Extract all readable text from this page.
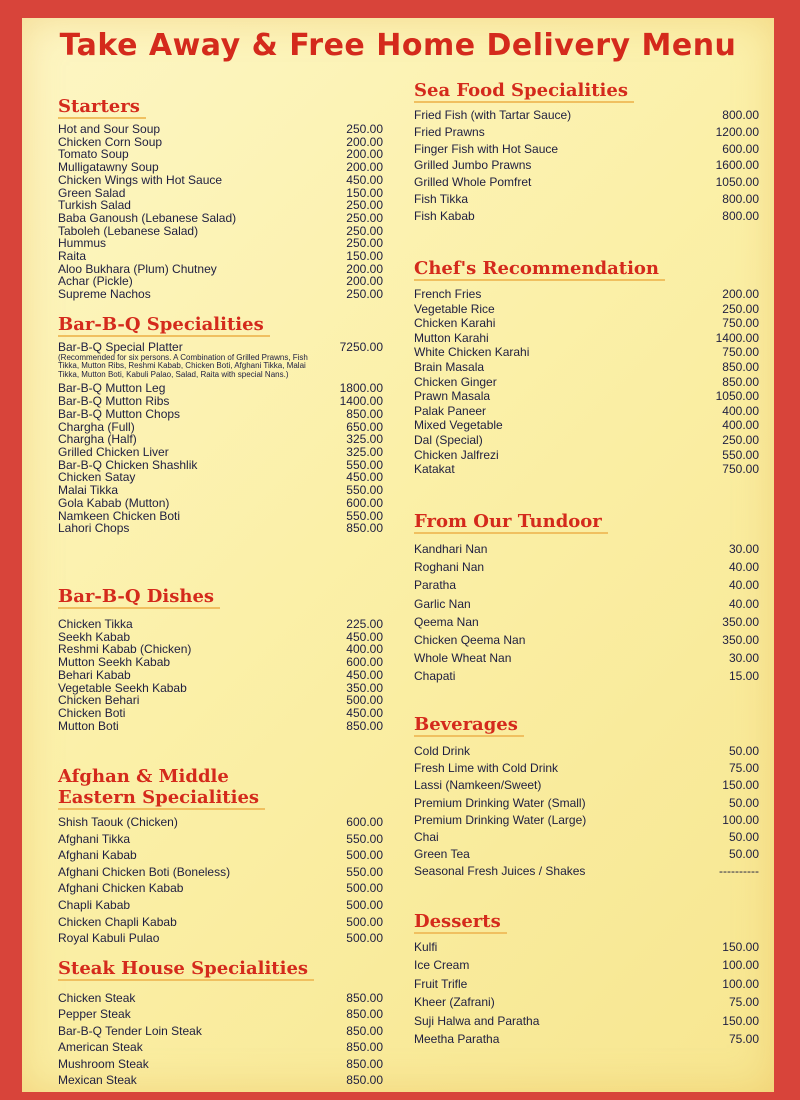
Take Away & Free Home Delivery Menu
Starters
Hot and Sour Soup	250.00
Chicken Corn Soup	200.00
Tomato Soup	200.00
Mulligatawny Soup	200.00
Chicken Wings with Hot Sauce	450.00
Green Salad	150.00
Turkish Salad	250.00
Baba Ganoush (Lebanese Salad)	250.00
Taboleh (Lebanese Salad)	250.00
Hummus	250.00
Raita	150.00
Aloo Bukhara (Plum) Chutney	200.00
Achar (Pickle)	200.00
Supreme Nachos	250.00
Bar-B-Q Specialities
Bar-B-Q Special Platter	7250.00
(Recommended for six persons. A Combination of Grilled Prawns, Fish Tikka, Mutton Ribs, Reshmi Kabab, Chicken Boti, Afghani Tikka, Malai Tikka, Mutton Boti, Kabuli Palao, Salad, Raita with special Nans.)
Bar-B-Q Mutton Leg	1800.00
Bar-B-Q Mutton Ribs	1400.00
Bar-B-Q Mutton Chops	850.00
Chargha (Full)	650.00
Chargha (Half)	325.00
Grilled Chicken Liver	325.00
Bar-B-Q Chicken Shashlik	550.00
Chicken Satay	450.00
Malai Tikka	550.00
Gola Kabab (Mutton)	600.00
Namkeen Chicken Boti	550.00
Lahori Chops	850.00
Bar-B-Q Dishes
Chicken Tikka	225.00
Seekh Kabab	450.00
Reshmi Kabab (Chicken)	400.00
Mutton Seekh Kabab	600.00
Behari Kabab	450.00
Vegetable Seekh Kabab	350.00
Chicken Behari	500.00
Chicken Boti	450.00
Mutton Boti	850.00
Afghan & Middle
Eastern Specialities
Shish Taouk (Chicken)	600.00
Afghani Tikka	550.00
Afghani Kabab	500.00
Afghani Chicken Boti (Boneless)	550.00
Afghani Chicken Kabab	500.00
Chapli Kabab	500.00
Chicken Chapli Kabab	500.00
Royal Kabuli Pulao	500.00
Steak House Specialities
Chicken Steak	850.00
Pepper Steak	850.00
Bar-B-Q Tender Loin Steak	850.00
American Steak	850.00
Mushroom Steak	850.00
Mexican Steak	850.00
Sea Food Specialities
Fried Fish (with Tartar Sauce)	800.00
Fried Prawns	1200.00
Finger Fish with Hot Sauce	600.00
Grilled Jumbo Prawns	1600.00
Grilled Whole Pomfret	1050.00
Fish Tikka	800.00
Fish Kabab	800.00
Chef's Recommendation
French Fries	200.00
Vegetable Rice	250.00
Chicken Karahi	750.00
Mutton Karahi	1400.00
White Chicken Karahi	750.00
Brain Masala	850.00
Chicken Ginger	850.00
Prawn Masala	1050.00
Palak Paneer	400.00
Mixed Vegetable	400.00
Dal (Special)	250.00
Chicken Jalfrezi	550.00
Katakat	750.00
From Our Tundoor
Kandhari Nan	30.00
Roghani Nan	40.00
Paratha	40.00
Garlic Nan	40.00
Qeema Nan	350.00
Chicken Qeema Nan	350.00
Whole Wheat Nan	30.00
Chapati	15.00
Beverages
Cold Drink	50.00
Fresh Lime with Cold Drink	75.00
Lassi (Namkeen/Sweet)	150.00
Premium Drinking Water (Small)	50.00
Premium Drinking Water (Large)	100.00
Chai	50.00
Green Tea	50.00
Seasonal Fresh Juices / Shakes	----------
Desserts
Kulfi	150.00
Ice Cream	100.00
Fruit Trifle	100.00
Kheer (Zafrani)	75.00
Suji Halwa and Paratha	150.00
Meetha Paratha	75.00
